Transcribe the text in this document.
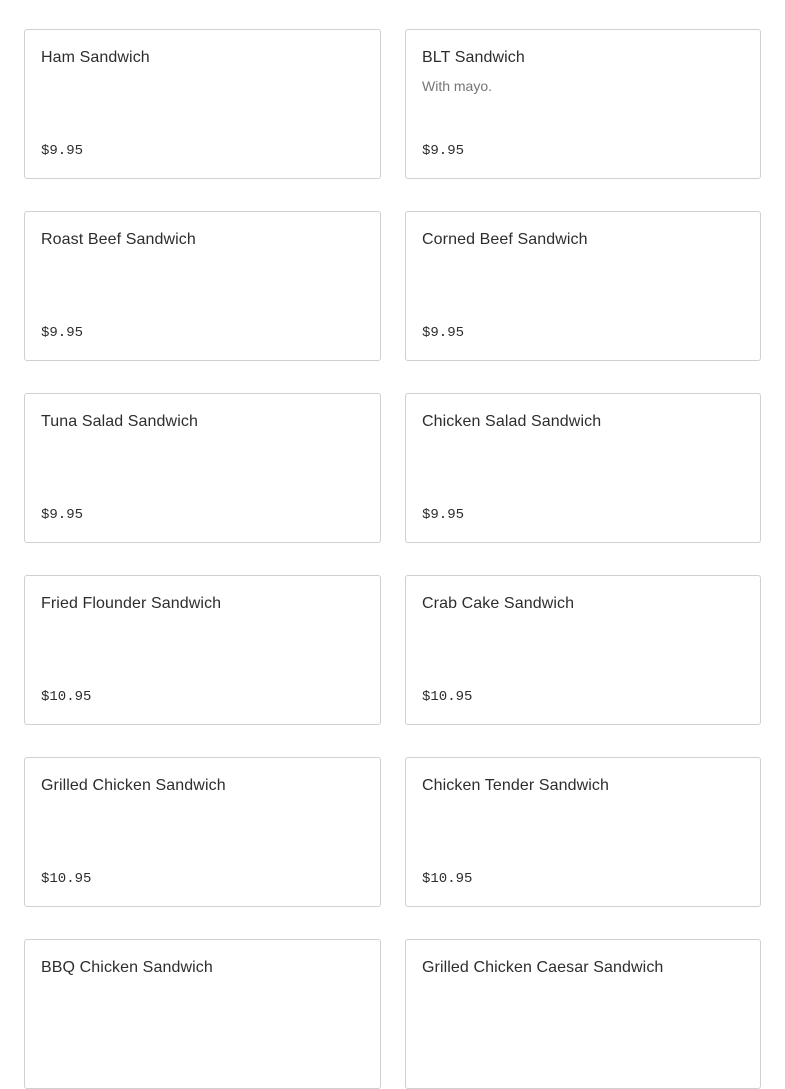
Ham Sandwich
$9.95
BLT Sandwich
With mayo.
$9.95
Roast Beef Sandwich
$9.95
Corned Beef Sandwich
$9.95
Tuna Salad Sandwich
$9.95
Chicken Salad Sandwich
$9.95
Fried Flounder Sandwich
$10.95
Crab Cake Sandwich
$10.95
Grilled Chicken Sandwich
$10.95
Chicken Tender Sandwich
$10.95
BBQ Chicken Sandwich	Grilled Chicken Caesar Sandwich
